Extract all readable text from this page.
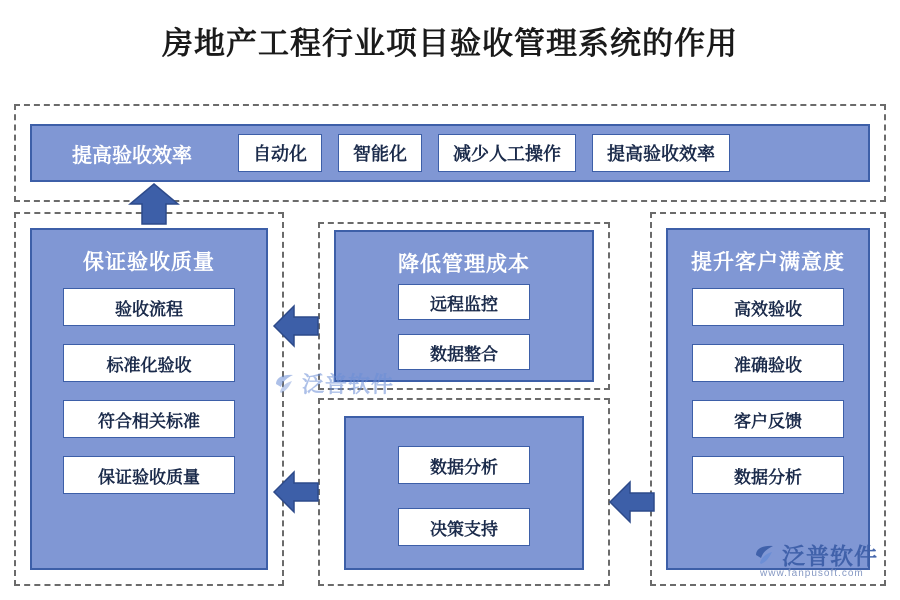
房地产工程行业项目验收管理系统的作用
提高验收效率	自动化	智能化	减少人工操作	提高验收效率
保证验收质量
验收流程
标准化验收
符合相关标准
保证验收质量
降低管理成本
远程监控
数据整合
数据分析
决策支持
提升客户满意度
高效验收
准确验收
客户反馈
数据分析
泛普软件
泛普软件
www.fanpusoft.com
